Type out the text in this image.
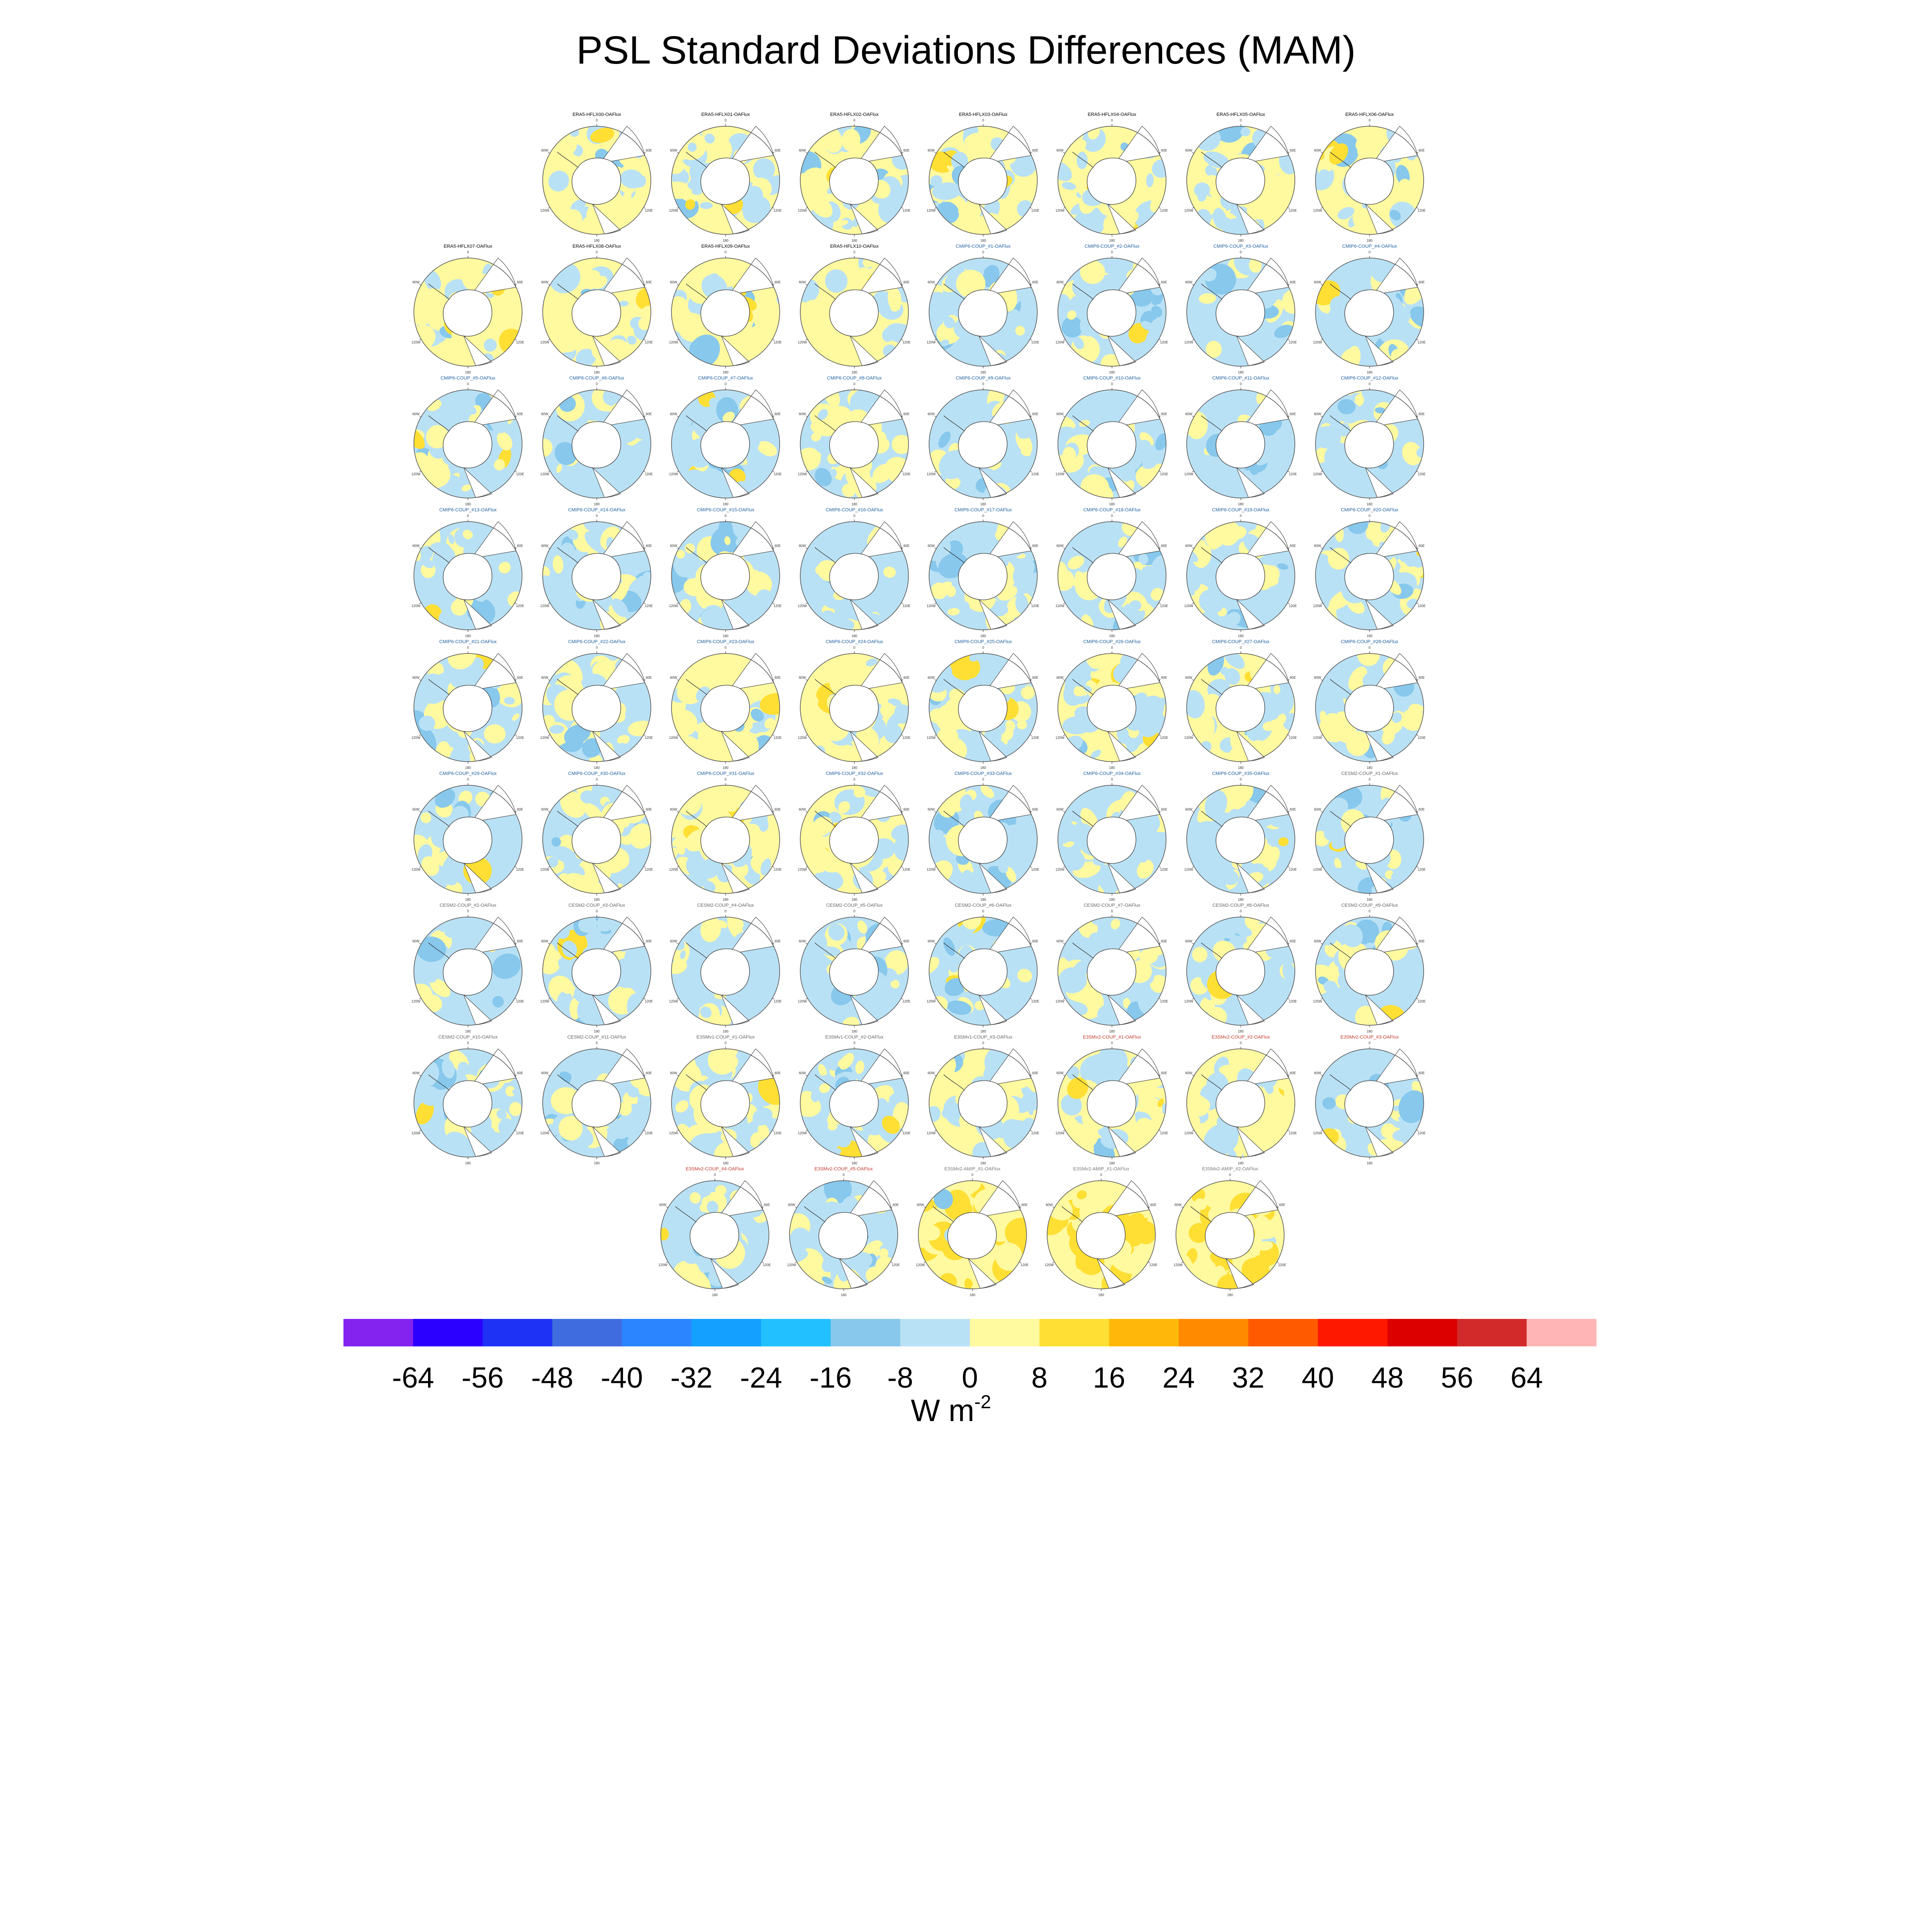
PSL Standard Deviations Differences (MAM)
ERA5-HFLX00-OAFlux
0
60E
120E
180
120W
60W
ERA5-HFLX01-OAFlux
0
60E
120E
180
120W
60W
ERA5-HFLX02-OAFlux
0
60E
120E
180
120W
60W
ERA5-HFLX03-OAFlux
0
60E
120E
180
120W
60W
ERA5-HFLX04-OAFlux
0
60E
120E
180
120W
60W
ERA5-HFLX05-OAFlux
0
60E
120E
180
120W
60W
ERA5-HFLX06-OAFlux
0
60E
120E
180
120W
60W
ERA5-HFLX07-OAFlux
0
60E
120E
180
120W
60W
ERA5-HFLX08-OAFlux
0
60E
120E
180
120W
60W
ERA5-HFLX09-OAFlux
0
60E
120E
180
120W
60W
ERA5-HFLX10-OAFlux
0
60E
120E
180
120W
60W
CMIP6-COUP_#1-OAFlux
0
60E
120E
180
120W
60W
CMIP6-COUP_#2-OAFlux
0
60E
120E
180
120W
60W
CMIP6-COUP_#3-OAFlux
0
60E
120E
180
120W
60W
CMIP6-COUP_#4-OAFlux
0
60E
120E
180
120W
60W
CMIP6-COUP_#5-OAFlux
0
60E
120E
180
120W
60W
CMIP6-COUP_#6-OAFlux
0
60E
120E
180
120W
60W
CMIP6-COUP_#7-OAFlux
0
60E
120E
180
120W
60W
CMIP6-COUP_#8-OAFlux
0
60E
120E
180
120W
60W
CMIP6-COUP_#9-OAFlux
0
60E
120E
180
120W
60W
CMIP6-COUP_#10-OAFlux
0
60E
120E
180
120W
60W
CMIP6-COUP_#11-OAFlux
0
60E
120E
180
120W
60W
CMIP6-COUP_#12-OAFlux
0
60E
120E
180
120W
60W
CMIP6-COUP_#13-OAFlux
0
60E
120E
180
120W
60W
CMIP6-COUP_#14-OAFlux
0
60E
120E
180
120W
60W
CMIP6-COUP_#15-OAFlux
0
60E
120E
180
120W
60W
CMIP6-COUP_#16-OAFlux
0
60E
120E
180
120W
60W
CMIP6-COUP_#17-OAFlux
0
60E
120E
180
120W
60W
CMIP6-COUP_#18-OAFlux
0
60E
120E
180
120W
60W
CMIP6-COUP_#19-OAFlux
0
60E
120E
180
120W
60W
CMIP6-COUP_#20-OAFlux
0
60E
120E
180
120W
60W
CMIP6-COUP_#21-OAFlux
0
60E
120E
180
120W
60W
CMIP6-COUP_#22-OAFlux
0
60E
120E
180
120W
60W
CMIP6-COUP_#23-OAFlux
0
60E
120E
180
120W
60W
CMIP6-COUP_#24-OAFlux
0
60E
120E
180
120W
60W
CMIP6-COUP_#25-OAFlux
0
60E
120E
180
120W
60W
CMIP6-COUP_#26-OAFlux
0
60E
120E
180
120W
60W
CMIP6-COUP_#27-OAFlux
0
60E
120E
180
120W
60W
CMIP6-COUP_#28-OAFlux
0
60E
120E
180
120W
60W
CMIP6-COUP_#29-OAFlux
0
60E
120E
180
120W
60W
CMIP6-COUP_#30-OAFlux
0
60E
120E
180
120W
60W
CMIP6-COUP_#31-OAFlux
0
60E
120E
180
120W
60W
CMIP6-COUP_#32-OAFlux
0
60E
120E
180
120W
60W
CMIP6-COUP_#33-OAFlux
0
60E
120E
180
120W
60W
CMIP6-COUP_#34-OAFlux
0
60E
120E
180
120W
60W
CMIP6-COUP_#35-OAFlux
0
60E
120E
180
120W
60W
CESM2-COUP_#1-OAFlux
0
60E
120E
180
120W
60W
CESM2-COUP_#2-OAFlux
0
60E
120E
180
120W
60W
CESM2-COUP_#3-OAFlux
0
60E
120E
180
120W
60W
CESM2-COUP_#4-OAFlux
0
60E
120E
180
120W
60W
CESM2-COUP_#5-OAFlux
0
60E
120E
180
120W
60W
CESM2-COUP_#6-OAFlux
0
60E
120E
180
120W
60W
CESM2-COUP_#7-OAFlux
0
60E
120E
180
120W
60W
CESM2-COUP_#8-OAFlux
0
60E
120E
180
120W
60W
CESM2-COUP_#9-OAFlux
0
60E
120E
180
120W
60W
CESM2-COUP_#10-OAFlux
0
60E
120E
180
120W
60W
CESM2-COUP_#11-OAFlux
0
60E
120E
180
120W
60W
E3SMv1-COUP_#1-OAFlux
0
60E
120E
180
120W
60W
E3SMv1-COUP_#2-OAFlux
0
60E
120E
180
120W
60W
E3SMv1-COUP_#3-OAFlux
0
60E
120E
180
120W
60W
E3SMv2-COUP_#1-OAFlux
0
60E
120E
180
120W
60W
E3SMv2-COUP_#2-OAFlux
0
60E
120E
180
120W
60W
E3SMv2-COUP_#3-OAFlux
0
60E
120E
180
120W
60W
E3SMv2-COUP_#4-OAFlux
0
60E
120E
180
120W
60W
E3SMv2-COUP_#5-OAFlux
0
60E
120E
180
120W
60W
E3SMv2-AMIP_#1-OAFlux
0
60E
120E
180
120W
60W
E3SMv2-AMIP_#1-OAFlux
0
60E
120E
180
120W
60W
E3SMv2-AMIP_#2-OAFlux
0
60E
120E
180
120W
60W
-64 -56 -48 -40 -32 -24 -16 -8 0 8 16 24 32 40 48 56 64
W $m^{-2}$
